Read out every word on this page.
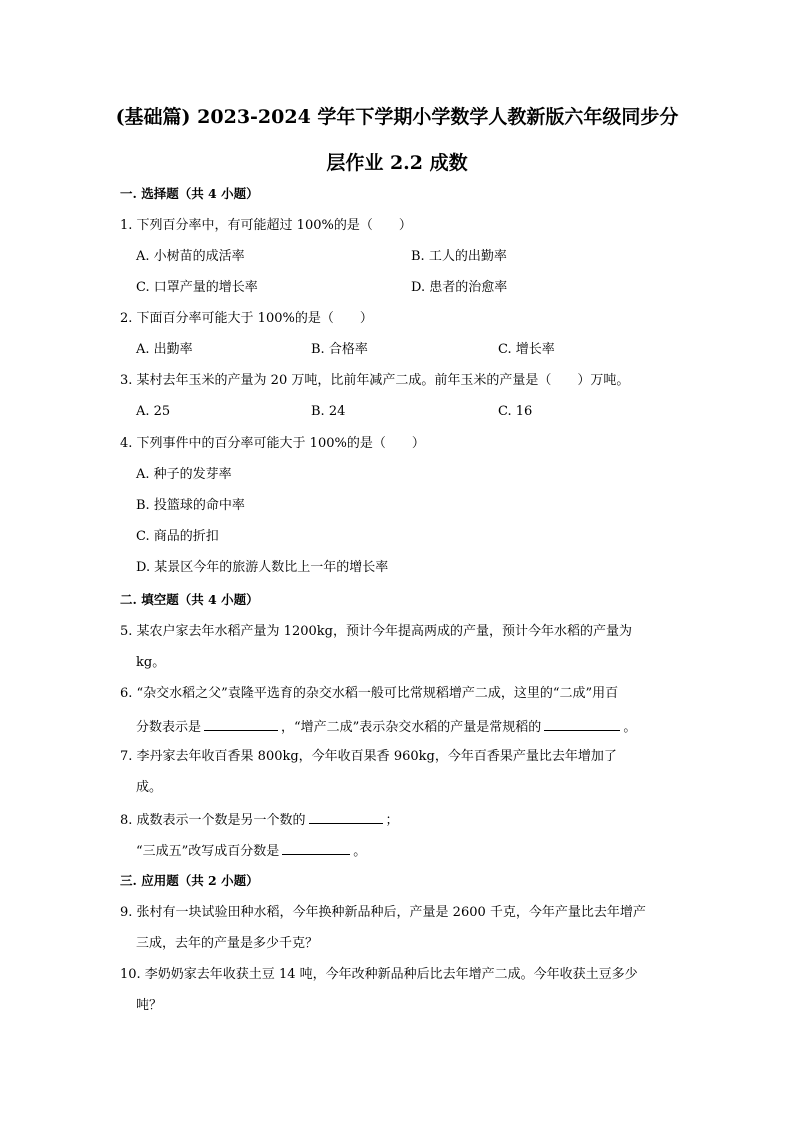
(基础篇) 2023-2024 学年下学期小学数学人教新版六年级同步分
层作业 2.2 成数
一. 选择题（共 4 小题）
1. 下列百分率中，有可能超过 100%的是（　　）
A. 小树苗的成活率	B. 工人的出勤率
C. 口罩产量的增长率	D. 患者的治愈率
2. 下面百分率可能大于 100%的是（　　）
A. 出勤率	B. 合格率	C. 增长率
3. 某村去年玉米的产量为 20 万吨，比前年减产二成。前年玉米的产量是（　　）万吨。
A. 25	B. 24	C. 16
4. 下列事件中的百分率可能大于 100%的是（　　）
A. 种子的发芽率
B. 投篮球的命中率
C. 商品的折扣
D. 某景区今年的旅游人数比上一年的增长率
二. 填空题（共 4 小题）
5. 某农户家去年水稻产量为 1200kg，预计今年提高两成的产量，预计今年水稻的产量为
kg。
6. “杂交水稻之父”袁隆平选育的杂交水稻一般可比常规稻增产二成，这里的“二成”用百
分数表示是	，“增产二成”表示杂交水稻的产量是常规稻的	。
7. 李丹家去年收百香果 800kg，今年收百果香 960kg，今年百香果产量比去年增加了
成。
8. 成数表示一个数是另一个数的	；
“三成五”改写成百分数是	。
三. 应用题（共 2 小题）
9. 张村有一块试验田种水稻，今年换种新品种后，产量是 2600 千克，今年产量比去年增产
三成，去年的产量是多少千克？
10. 李奶奶家去年收获土豆 14 吨，今年改种新品种后比去年增产二成。今年收获土豆多少
吨？
